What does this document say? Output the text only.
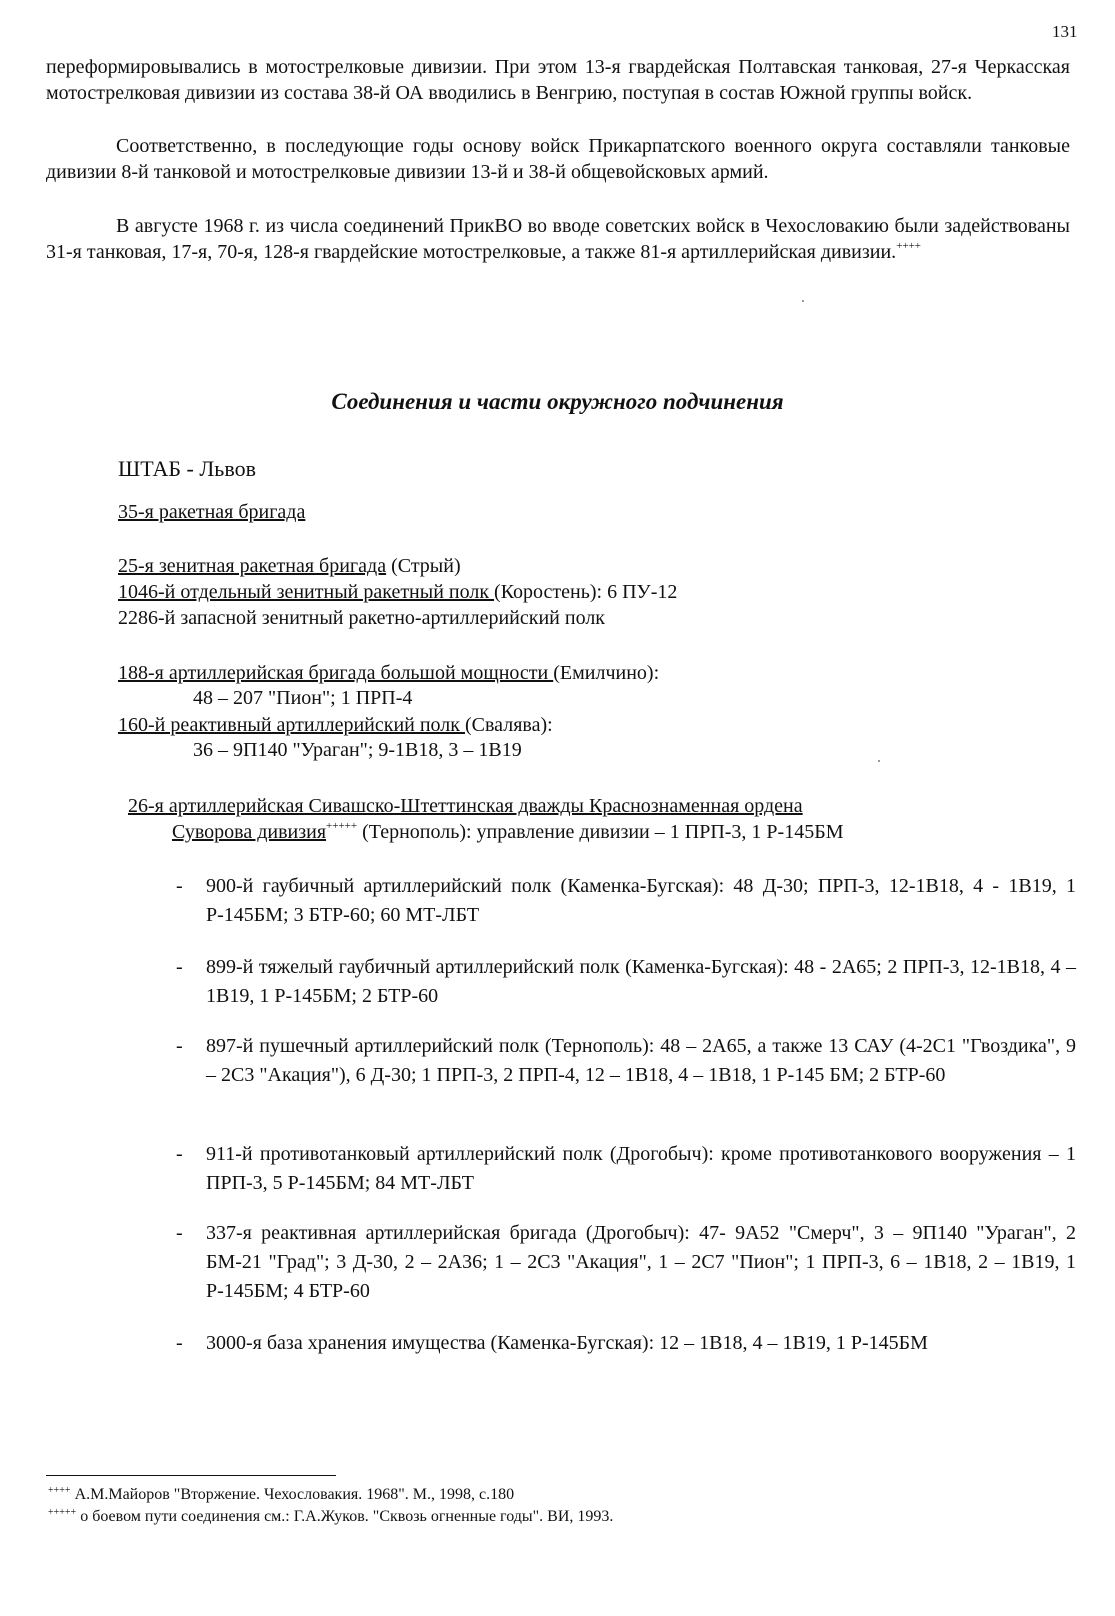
131
переформировывались в мотострелковые дивизии. При этом 13-я гвардейская Полтавская танковая, 27-я Черкасская мотострелковая дивизии из состава 38-й ОА вводились в Венгрию, поступая в состав Южной группы войск.
Соответственно, в последующие годы основу войск Прикарпатского военного округа составляли танковые дивизии 8-й танковой и мотострелковые дивизии 13-й и 38-й общевойсковых армий.
В августе 1968 г. из числа соединений ПрикВО во вводе советских войск в Чехословакию были задействованы 31-я танковая, 17-я, 70-я, 128-я гвардейские мотострелковые, а также 81-я артиллерийская дивизии.++++
Соединения и части окружного подчинения
ШТАБ - Львов
35-я ракетная бригада
25-я зенитная ракетная бригада (Стрый)
1046-й отдельный зенитный ракетный полк (Коростень): 6 ПУ-12
2286-й запасной зенитный ракетно-артиллерийский полк
188-я артиллерийская бригада большой мощности (Емилчино):
48 – 207 "Пион"; 1 ПРП-4
160-й реактивный артиллерийский полк (Свалява):
36 – 9П140 "Ураган"; 9-1В18, 3 – 1В19
26-я артиллерийская Сивашско-Штеттинская дважды Краснознаменная ордена
Суворова дивизия+++++ (Тернополь): управление дивизии – 1 ПРП-3, 1 Р-145БМ
- 900-й гаубичный артиллерийский полк (Каменка-Бугская): 48 Д-30; ПРП-3, 12-1В18, 4 - 1В19, 1 Р-145БМ; 3 БТР-60; 60 МТ-ЛБТ
- 899-й тяжелый гаубичный артиллерийский полк (Каменка-Бугская): 48 - 2А65; 2 ПРП-3, 12-1В18, 4 – 1В19, 1 Р-145БМ; 2 БТР-60
- 897-й пушечный артиллерийский полк (Тернополь): 48 – 2А65, а также 13 САУ (4-2С1 "Гвоздика", 9 – 2С3 "Акация"), 6 Д-30; 1 ПРП-3, 2 ПРП-4, 12 – 1В18, 4 – 1В18, 1 Р-145 БМ; 2 БТР-60
- 911-й противотанковый артиллерийский полк (Дрогобыч): кроме противотанкового вооружения – 1 ПРП-3, 5 Р-145БМ; 84 МТ-ЛБТ
- 337-я реактивная артиллерийская бригада (Дрогобыч): 47- 9А52 "Смерч", 3 – 9П140 "Ураган", 2 БМ-21 "Град"; 3 Д-30, 2 – 2А36; 1 – 2С3 "Акация", 1 – 2С7 "Пион"; 1 ПРП-3, 6 – 1В18, 2 – 1В19, 1 Р-145БМ; 4 БТР-60
- 3000-я база хранения имущества (Каменка-Бугская): 12 – 1В18, 4 – 1В19, 1 Р-145БМ
++++ А.М.Майоров "Вторжение. Чехословакия. 1968". М., 1998, с.180
+++++ о боевом пути соединения см.: Г.А.Жуков. "Сквозь огненные годы". ВИ, 1993.
